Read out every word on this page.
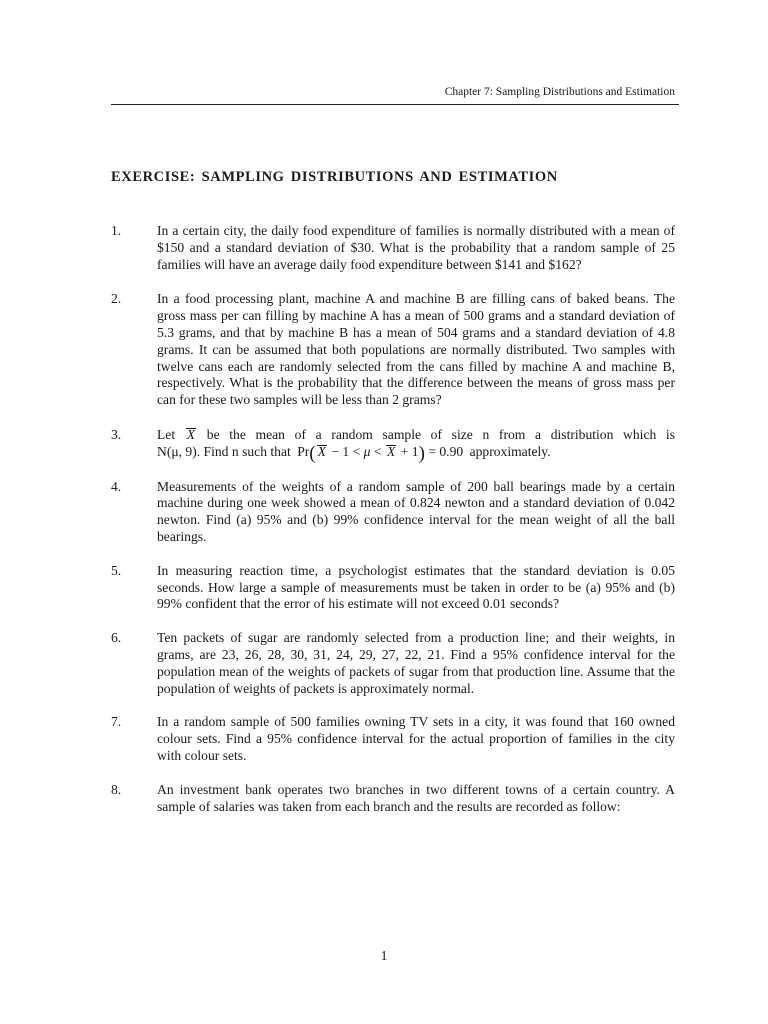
Chapter 7: Sampling Distributions and Estimation
EXERCISE: SAMPLING DISTRIBUTIONS AND ESTIMATION
1.	In a certain city, the daily food expenditure of families is normally distributed with a mean of $150 and a standard deviation of $30. What is the probability that a random sample of 25 families will have an average daily food expenditure between $141 and $162?
2.	In a food processing plant, machine A and machine B are filling cans of baked beans. The gross mass per can filling by machine A has a mean of 500 grams and a standard deviation of 5.3 grams, and that by machine B has a mean of 504 grams and a standard deviation of 4.8 grams. It can be assumed that both populations are normally distributed. Two samples with twelve cans each are randomly selected from the cans filled by machine A and machine B, respectively. What is the probability that the difference between the means of gross mass per can for these two samples will be less than 2 grams?
3.	Let X be the mean of a random sample of size n from a distribution which is
N(μ, 9). Find n such that Pr( X − 1 < μ < X + 1) = 0.90 approximately.
4.	Measurements of the weights of a random sample of 200 ball bearings made by a certain machine during one week showed a mean of 0.824 newton and a standard deviation of 0.042 newton. Find (a) 95% and (b) 99% confidence interval for the mean weight of all the ball bearings.
5.	In measuring reaction time, a psychologist estimates that the standard deviation is 0.05 seconds. How large a sample of measurements must be taken in order to be (a) 95% and (b) 99% confident that the error of his estimate will not exceed 0.01 seconds?
6.	Ten packets of sugar are randomly selected from a production line; and their weights, in grams, are 23, 26, 28, 30, 31, 24, 29, 27, 22, 21. Find a 95% confidence interval for the population mean of the weights of packets of sugar from that production line. Assume that the population of weights of packets is approximately normal.
7.	In a random sample of 500 families owning TV sets in a city, it was found that 160 owned colour sets. Find a 95% confidence interval for the actual proportion of families in the city with colour sets.
8.	An investment bank operates two branches in two different towns of a certain country. A sample of salaries was taken from each branch and the results are recorded as follow:
1
